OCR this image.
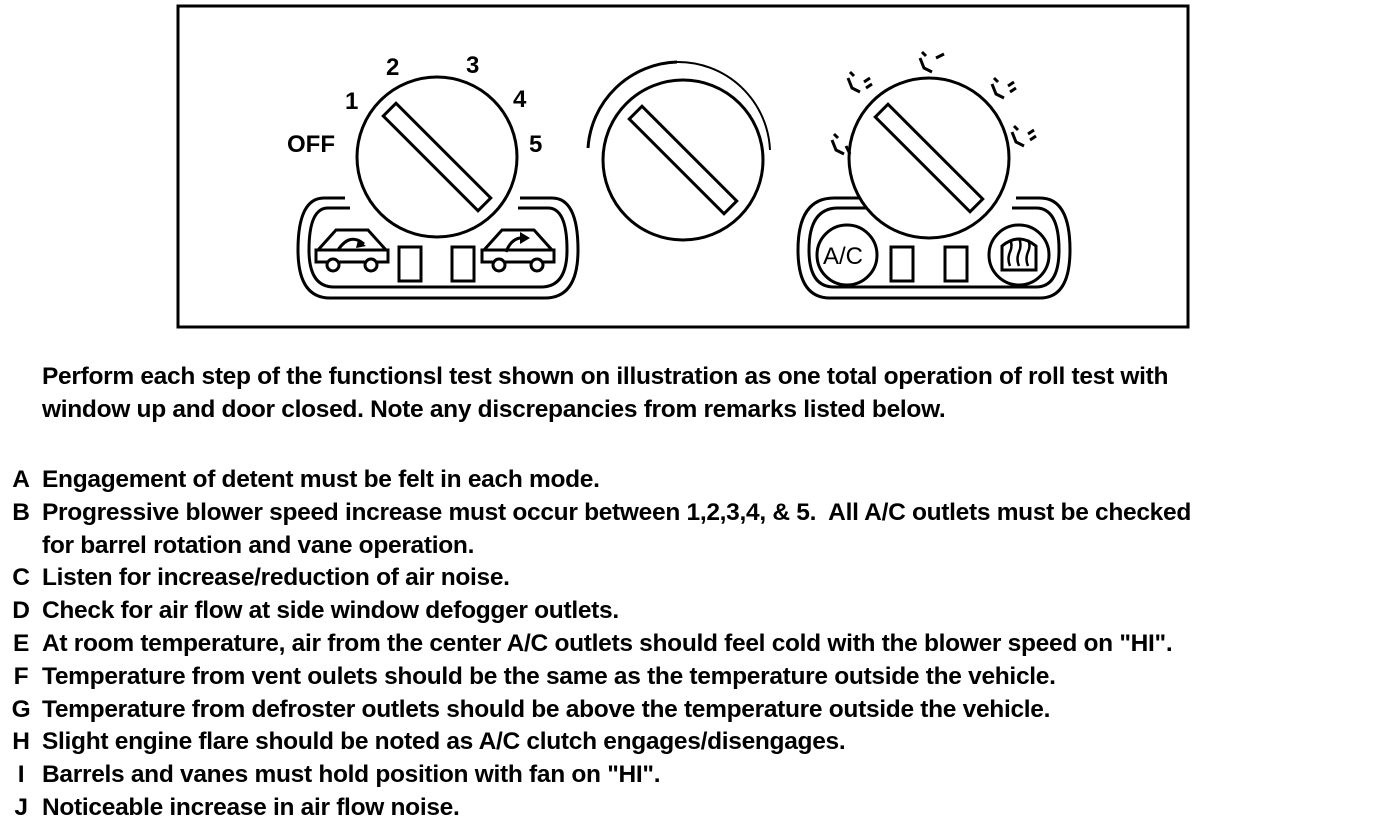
OFF
1
2	3
4
5
A/C

Perform each step of the functionsl test shown on illustration as one total operation of roll test with

window up and door closed. Note any discrepancies from remarks listed below.

A Engagement of detent must be felt in each mode.
B Progressive blower speed increase must occur between 1,2,3,4, & 5.  All A/C outlets must be checked
for barrel rotation and vane operation.
C Listen for increase/reduction of air noise.
D Check for air flow at side window defogger outlets.
E At room temperature, air from the center A/C outlets should feel cold with the blower speed on "HI".
F Temperature from vent oulets should be the same as the temperature outside the vehicle.
G Temperature from defroster outlets should be above the temperature outside the vehicle.
H Slight engine flare should be noted as A/C clutch engages/disengages.
I Barrels and vanes must hold position with fan on "HI".
J Noticeable increase in air flow noise.
